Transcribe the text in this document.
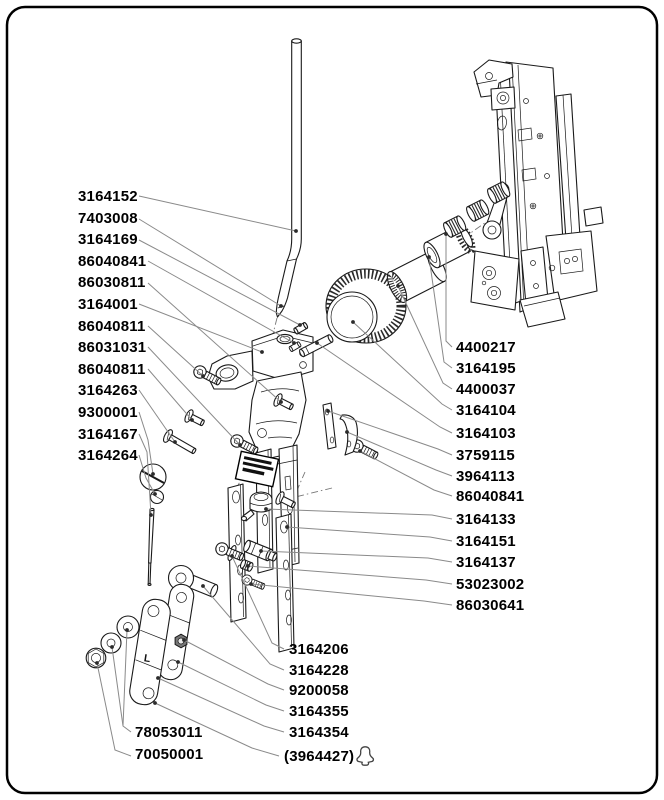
L
3164152
7403008
3164169
86040841
86030811
3164001
86040811
86031031
86040811
3164263
9300001
3164167
3164264
4400217
3164195
4400037
3164104
3164103
3759115
3964113
86040841
3164133
3164151
3164137
53023002
86030641
3164206
3164228
9200058
3164355
3164354
(3964427)
78053011
70050001
